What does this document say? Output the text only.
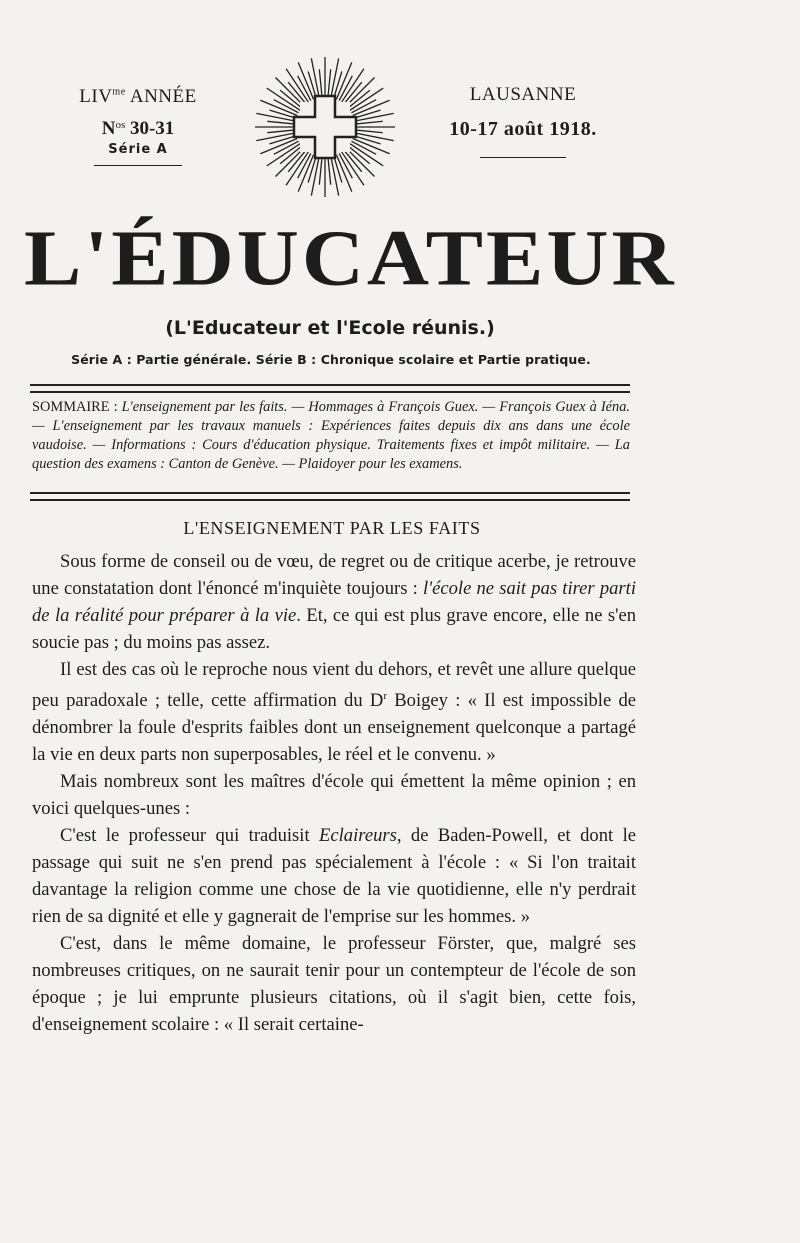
$LIV^{me}$ ANNÉE
$N^{os}$ 30-31
Série A
LAUSANNE
10-17 août 1918.
L'ÉDUCATEUR
(L'Educateur et l'Ecole réunis.)
Série A : Partie générale. Série B : Chronique scolaire et Partie pratique.
SOMMAIRE : L'enseignement par les faits. — Hommages à François Guex. — François Guex à Iéna. — L'enseignement par les travaux manuels : Expériences faites depuis dix ans dans une école vaudoise. — Informations : Cours d'éducation physique. Traitements fixes et impôt militaire. — La question des examens : Canton de Genève. — Plaidoyer pour les examens.
L'ENSEIGNEMENT PAR LES FAITS

Sous forme de conseil ou de vœu, de regret ou de critique acerbe, je retrouve une constatation dont l'énoncé m'inquiète toujours : l'école ne sait pas tirer parti de la réalité pour préparer à la vie. Et, ce qui est plus grave encore, elle ne s'en soucie pas ; du moins pas assez.

Il est des cas où le reproche nous vient du dehors, et revêt une allure quelque peu paradoxale ; telle, cette affirmation du $D^r$ Boigey : « Il est impossible de dénombrer la foule d'esprits faibles dont un enseignement quelconque a partagé la vie en deux parts non superposables, le réel et le convenu. »

Mais nombreux sont les maîtres d'école qui émettent la même opinion ; en voici quelques-unes :

C'est le professeur qui traduisit Eclaireurs, de Baden-Powell, et dont le passage qui suit ne s'en prend pas spécialement à l'école : « Si l'on traitait davantage la religion comme une chose de la vie quotidienne, elle n'y perdrait rien de sa dignité et elle y gagnerait de l'emprise sur les hommes. »

C'est, dans le même domaine, le professeur Förster, que, malgré ses nombreuses critiques, on ne saurait tenir pour un contempteur de l'école de son époque ; je lui emprunte plusieurs citations, où il s'agit bien, cette fois, d'enseignement scolaire : « Il serait certaine-
